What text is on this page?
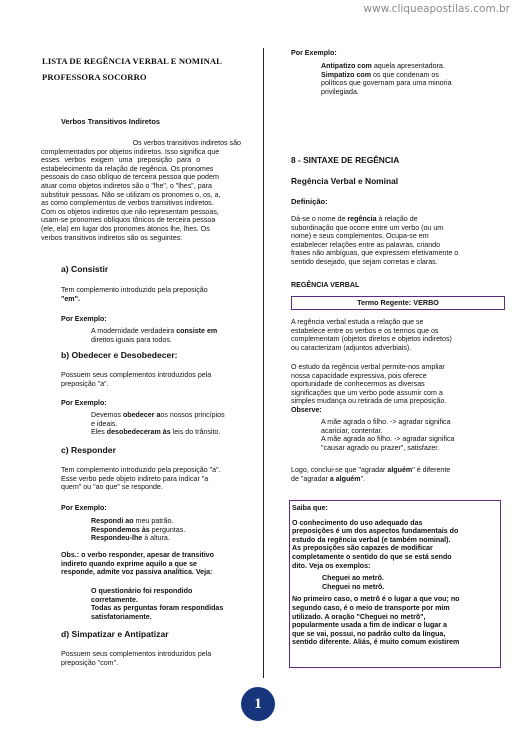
www.cliqueapostilas.com.br
LISTA DE REGÊNCIA VERBAL E NOMINAL
PROFESSORA SOCORRO

Verbos Transitivos Indiretos

Os verbos transitivos indiretos são

complementados por objetos indiretos. Isso significa que

esses verbos exigem uma preposição para o

estabelecimento da relação de regência. Os pronomes

pessoais do caso oblíquo de terceira pessoa que podem

atuar como objetos indiretos são o "lhe", o "lhes", para

substituir pessoas. Não se utilizam os pronomes o, os, a,

as como complementos de verbos transitivos indiretos.

Com os objetos indiretos que não representam pessoas,

usam-se pronomes oblíquos tônicos de terceira pessoa

(ele, ela) em lugar dos pronomes átonos lhe, lhes. Os

verbos transitivos indiretos são os seguintes:

a) Consistir

Tem complemento introduzido pela preposição

"em".

Por Exemplo:

A modernidade verdadeira consiste em

direitos iguais para todos.

b) Obedecer e Desobedecer:

Possuem seus complementos introduzidos pela

preposição "a".

Por Exemplo:

Devemos obedecer aos nossos princípios

e ideais.

Eles desobedeceram às leis do trânsito.

c) Responder

Tem complemento introduzido pela preposição "a".

Esse verbo pede objeto indireto para indicar "a

quem" ou "ao que" se responde.

Por Exemplo:

Respondi ao meu patrão.

Respondemos às perguntas.

Respondeu-lhe à altura.

Obs.: o verbo responder, apesar de transitivo

indireto quando exprime aquilo a que se

responde, admite voz passiva analítica. Veja:

O questionário foi respondido

corretamente.

Todas as perguntas foram respondidas

satisfatoriamente.

d) Simpatizar e Antipatizar

Possuem seus complementos introduzidos pela

preposição "com".

Por Exemplo:

Antipatizo com aquela apresentadora.

Simpatizo com os que condenam os

políticos que governam para uma minoria

privilegiada.

8 - SINTAXE DE REGÊNCIA

Regência Verbal e Nominal

Definição:

Dá-se o nome de regência à relação de

subordinação que ocorre entre um verbo (ou um

nome) e seus complementos. Ocupa-se em

estabelecer relações entre as palavras, criando

frases não ambíguas, que expressem efetivamente o

sentido desejado, que sejam corretas e claras.

REGÊNCIA VERBAL

Termo Regente: VERBO

A regência verbal estuda a relação que se

estabelece entre os verbos e os termos que os

complementam (objetos diretos e objetos indiretos)

ou caracterizam (adjuntos adverbiais).

O estudo da regência verbal permite-nos ampliar

nossa capacidade expressiva, pois oferece

oportunidade de conhecermos as diversas

significações que um verbo pode assumir com a

simples mudança ou retirada de uma preposição.

Observe:

A mãe agrada o filho. -> agradar significa

acariciar, contentar.

A mãe agrada ao filho. -> agradar significa

"causar agrado ou prazer", satisfazer.

Logo, conclui-se que "agradar alguém" é diferente

de "agradar a alguém".

Saiba que:

O conhecimento do uso adequado das

preposições é um dos aspectos fundamentais do

estudo da regência verbal (e também nominal).

As preposições são capazes de modificar

completamente o sentido do que se está sendo

dito. Veja os exemplos:

Cheguei ao metrô.

Cheguei no metrô.

No primeiro caso, o metrô é o lugar a que vou; no

segundo caso, é o meio de transporte por mim

utilizado. A oração "Cheguei no metrô",

popularmente usada a fim de indicar o lugar a

que se vai, possui, no padrão culto da língua,

sentido diferente. Aliás, é muito comum existirem

1
